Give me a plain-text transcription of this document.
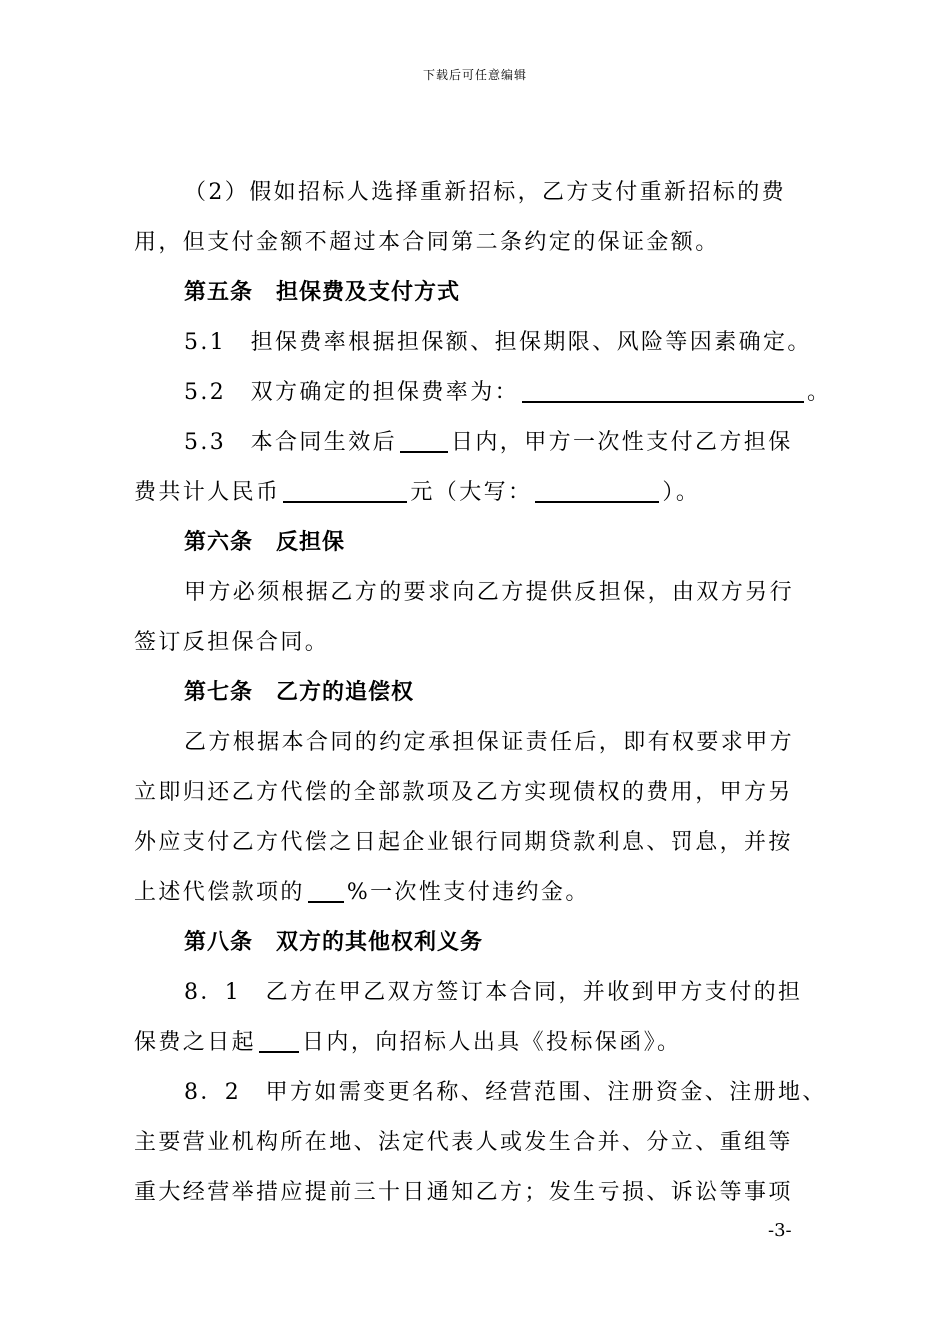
下载后可任意编辑
（2）假如招标人选择重新招标，乙方支付重新招标的费
用，但支付金额不超过本合同第二条约定的保证金额。
第五条　担保费及支付方式
5.1　担保费率根据担保额、担保期限、风险等因素确定。
5.2　双方确定的担保费率为：	。
5.3　本合同生效后 日内，甲方一次性支付乙方担保
费共计人民币	元（大写：	）。
第六条　反担保
甲方必须根据乙方的要求向乙方提供反担保，由双方另行
签订反担保合同。
第七条　乙方的追偿权
乙方根据本合同的约定承担保证责任后，即有权要求甲方
立即归还乙方代偿的全部款项及乙方实现债权的费用，甲方另
外应支付乙方代偿之日起企业银行同期贷款利息、罚息，并按
上述代偿款项的 %一次性支付违约金。
第八条　双方的其他权利义务
8．1　乙方在甲乙双方签订本合同，并收到甲方支付的担
保费之日起 日内，向招标人出具《投标保函》。
8．2　甲方如需变更名称、经营范围、注册资金、注册地、
主要营业机构所在地、法定代表人或发生合并、分立、重组等
重大经营举措应提前三十日通知乙方；发生亏损、诉讼等事项
-3-
